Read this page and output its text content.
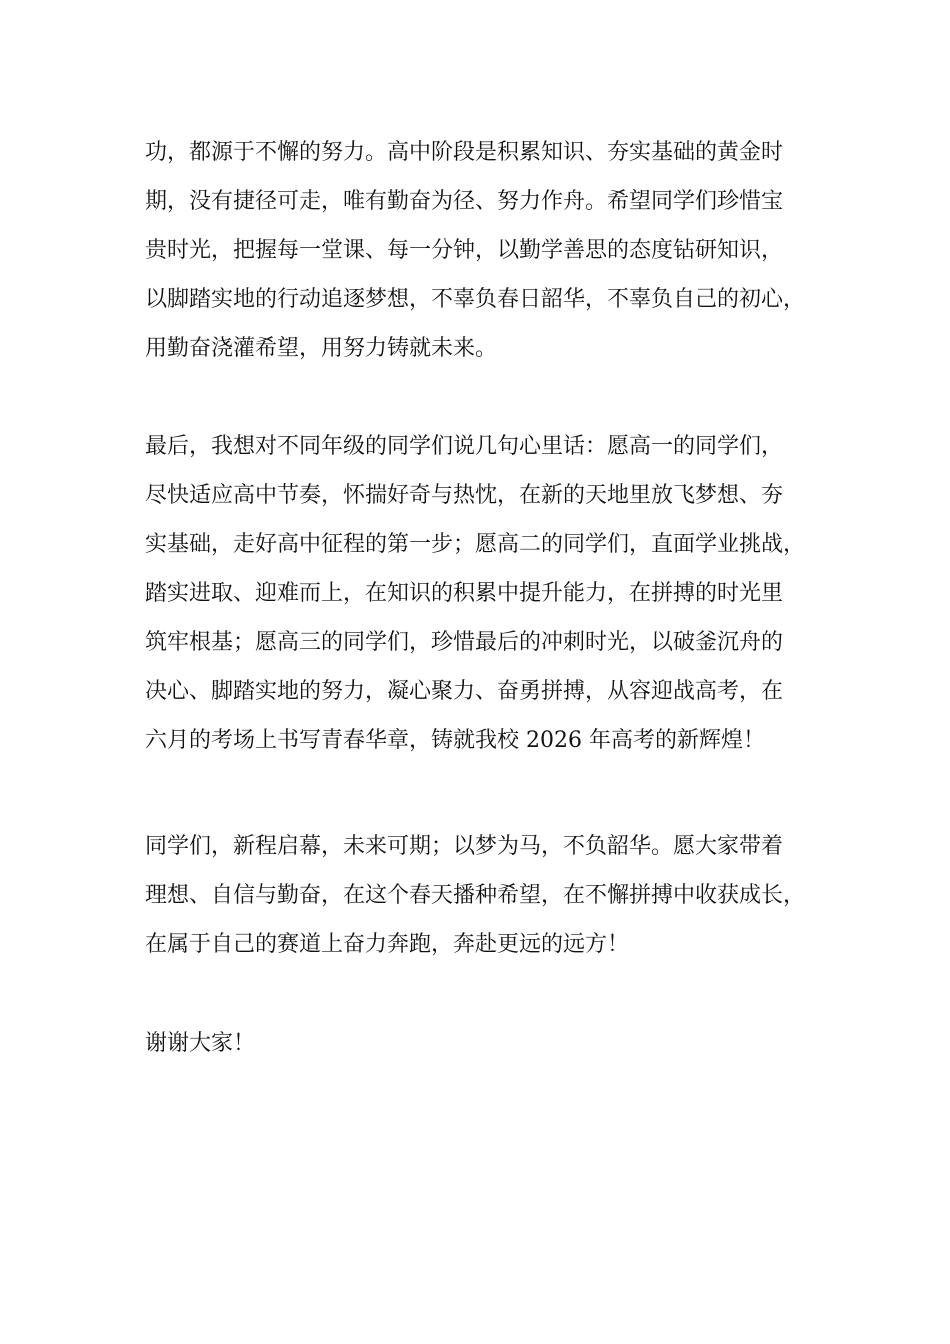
功，都源于不懈的努力。高中阶段是积累知识、夯实基础的黄金时
期，没有捷径可走，唯有勤奋为径、努力作舟。希望同学们珍惜宝
贵时光，把握每一堂课、每一分钟，以勤学善思的态度钻研知识，
以脚踏实地的行动追逐梦想，不辜负春日韶华，不辜负自己的初心，
用勤奋浇灌希望，用努力铸就未来。
最后，我想对不同年级的同学们说几句心里话：愿高一的同学们，
尽快适应高中节奏，怀揣好奇与热忱，在新的天地里放飞梦想、夯
实基础，走好高中征程的第一步；愿高二的同学们，直面学业挑战，
踏实进取、迎难而上，在知识的积累中提升能力，在拼搏的时光里
筑牢根基；愿高三的同学们，珍惜最后的冲刺时光，以破釜沉舟的
决心、脚踏实地的努力，凝心聚力、奋勇拼搏，从容迎战高考，在
六月的考场上书写青春华章，铸就我校 2026 年高考的新辉煌！
同学们，新程启幕，未来可期；以梦为马，不负韶华。愿大家带着
理想、自信与勤奋，在这个春天播种希望，在不懈拼搏中收获成长，
在属于自己的赛道上奋力奔跑，奔赴更远的远方！
谢谢大家！
